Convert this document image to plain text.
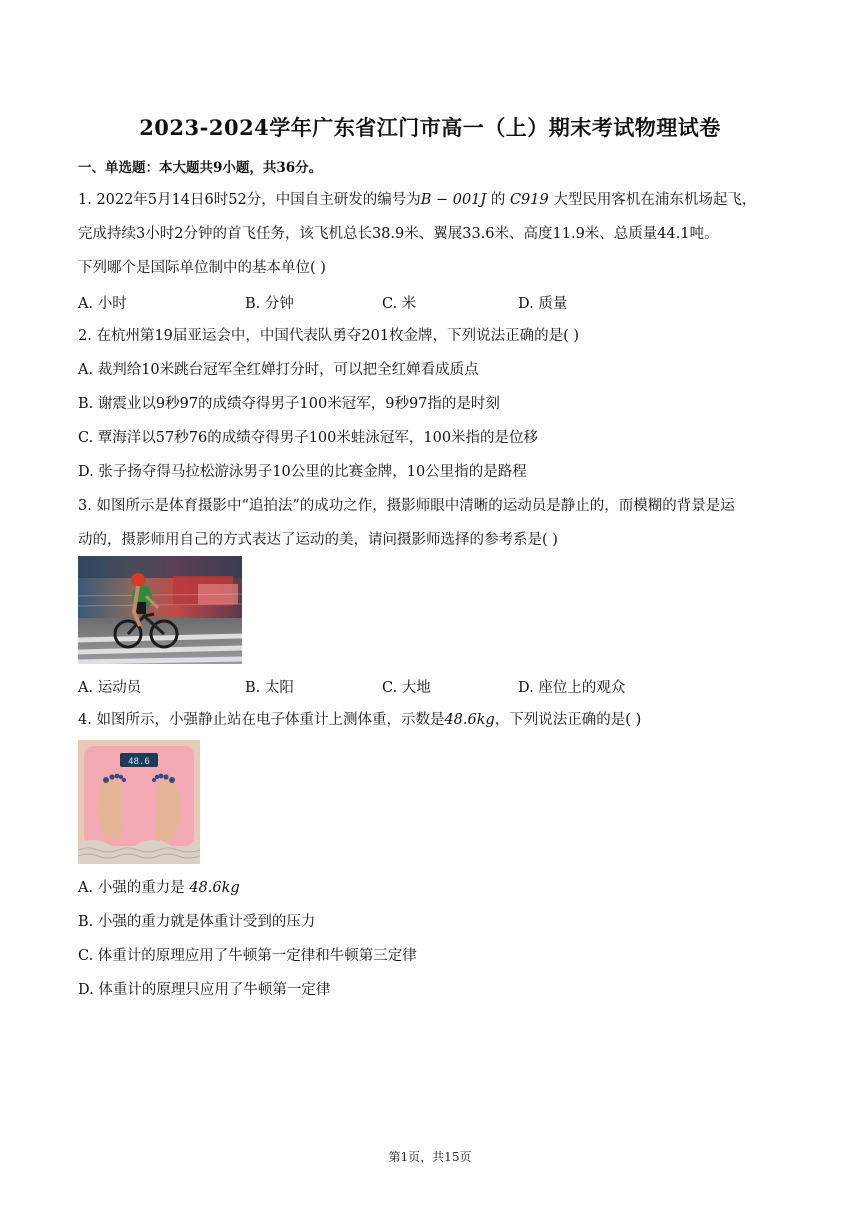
2023-2024学年广东省江门市高一（上）期末考试物理试卷
一、单选题：本大题共9小题，共36分。
1. 2022年5月14日6时52分，中国自主研发的编号为B − 001J 的 C919 大型民用客机在浦东机场起飞，
完成持续3小时2分钟的首飞任务，该飞机总长38.9米、翼展33.6米、高度11.9米、总质量44.1吨。
下列哪个是国际单位制中的基本单位( )
A. 小时	B. 分钟	C. 米	D. 质量
2. 在杭州第19届亚运会中，中国代表队勇夺201枚金牌，下列说法正确的是( )
A. 裁判给10米跳台冠军全红婵打分时，可以把全红婵看成质点
B. 谢震业以9秒97的成绩夺得男子100米冠军，9秒97指的是时刻
C. 覃海洋以57秒76的成绩夺得男子100米蛙泳冠军，100米指的是位移
D. 张子扬夺得马拉松游泳男子10公里的比赛金牌，10公里指的是路程
3. 如图所示是体育摄影中“追拍法”的成功之作，摄影师眼中清晰的运动员是静止的，而模糊的背景是运
动的，摄影师用自己的方式表达了运动的美，请问摄影师选择的参考系是( )
A. 运动员	B. 太阳	C. 大地	D. 座位上的观众
4. 如图所示，小强静止站在电子体重计上测体重，示数是48.6kg，下列说法正确的是( )
48.6
A. 小强的重力是 48.6kg
B. 小强的重力就是体重计受到的压力
C. 体重计的原理应用了牛顿第一定律和牛顿第三定律
D. 体重计的原理只应用了牛顿第一定律
第1页，共15页
